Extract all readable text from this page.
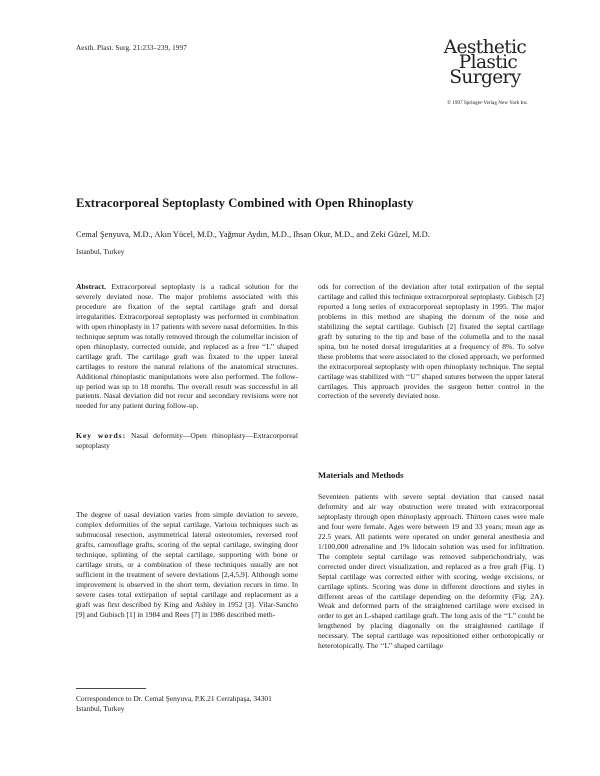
Aesth. Plast. Surg. 21:233–239, 1997	Aesthetic
Plastic
Surgery
© 1997 Springer-Verlag New York Inc.
Extracorporeal Septoplasty Combined with Open Rhinoplasty
Cemal Şenyuva, M.D., Akın Yücel, M.D., Yağmur Aydın, M.D., Ihsan Okur, M.D., and Zeki Güzel, M.D.
Istanbul, Turkey

Abstract. Extracorporeal septoplasty is a radical solution for the severely deviated nose. The major problems associated with this procedure are fixation of the septal cartilage graft and dorsal irregularities. Extracorporeal septoplasty was performed in combination with open rhinoplasty in 17 patients with severe nasal deformities. In this technique septum was totally removed through the columellar incision of open rhinoplasty, corrected outside, and replaced as a free ‘‘L’’ shaped cartilage graft. The cartilage graft was fixated to the upper lateral cartilages to restore the natural relations of the anatomical structures. Additional rhinoplastic manipulations were also performed. The follow-up period was up to 18 months. The overall result was successful in all patients. Nasal deviation did not recur and secondary revisions were not needed for any patient during follow-up.

Key words: Nasal deformity—Open rhinoplasty—Extracorporeal septoplasty

The degree of nasal deviation varies from simple deviation to severe, complex deformities of the septal cartilage. Various techniques such as submucosal resection, asymmetrical lateral osteotomies, reversed roof grafts, camouflage grafts, scoring of the septal cartilage, swinging door technique, splinting of the septal cartilage, supporting with bone or cartilage struts, or a combination of these techniques usually are not sufficient in the treatment of severe deviations [2,4,5,9]. Although some improvement is observed in the short term, deviation recurs in time. In severe cases total extirpation of septal cartilage and replacement as a graft was first described by King and Ashley in 1952 [3]. Vilar-Sancho [9] and Gubisch [1] in 1984 and Rees [7] in 1986 described meth-
ods for correction of the deviation after total extirpation of the septal cartilage and called this technique extracorporeal septoplasty. Gubisch [2] reported a long series of extracorporeal septoplasty in 1995. The major problems in this method are shaping the dorsum of the nose and stabilizing the septal cartilage. Gubisch [2] fixated the septal cartilage graft by suturing to the tip and base of the columella and to the nasal spina, but he noted dorsal irregularities at a frequency of 8%. To solve these problems that were associated to the closed approach, we performed the extracorporeal septoplasty with open rhinoplasty technique. The septal cartilage was stabilized with ‘‘U’’ shaped sutures between the upper lateral cartilages. This approach provides the surgeon better control in the correction of the severely deviated nose.
Materials and Methods
Seventeen patients with severe septal deviation that caused nasal deformity and air way obstruction were treated with extracorporeal septoplasty through open rhinoplasty approach. Thirteen cases were male and four were female. Ages were between 19 and 33 years; mean age as 22.5 years. All patients were operated on under general anesthesia and 1/100,000 adrenaline and 1% lidocain solution was used for infiltration. The complete septal cartilage was removed subperichondrialy, was corrected under direct visualization, and replaced as a free graft (Fig. 1) Septal cartilage was corrected either with scoring, wedge excisions, or cartilage splints. Scoring was done in different directions and styles in different areas of the cartilage depending on the deformity (Fig. 2A). Weak and deformed parts of the straightened cartilage were excised in order to get an L-shaped cartilage graft. The long axis of the ‘‘L’’ could be lengthened by placing diagonally on the straightened cartilage if necessary. The septal cartilage was repositioned either orthotopically or heterotopically. The ‘‘L’’ shaped cartilage
Correspondence to Dr. Cemal Şenyuva, P.K.21 Cerrahpaşa, 34301 Istanbul, Turkey
